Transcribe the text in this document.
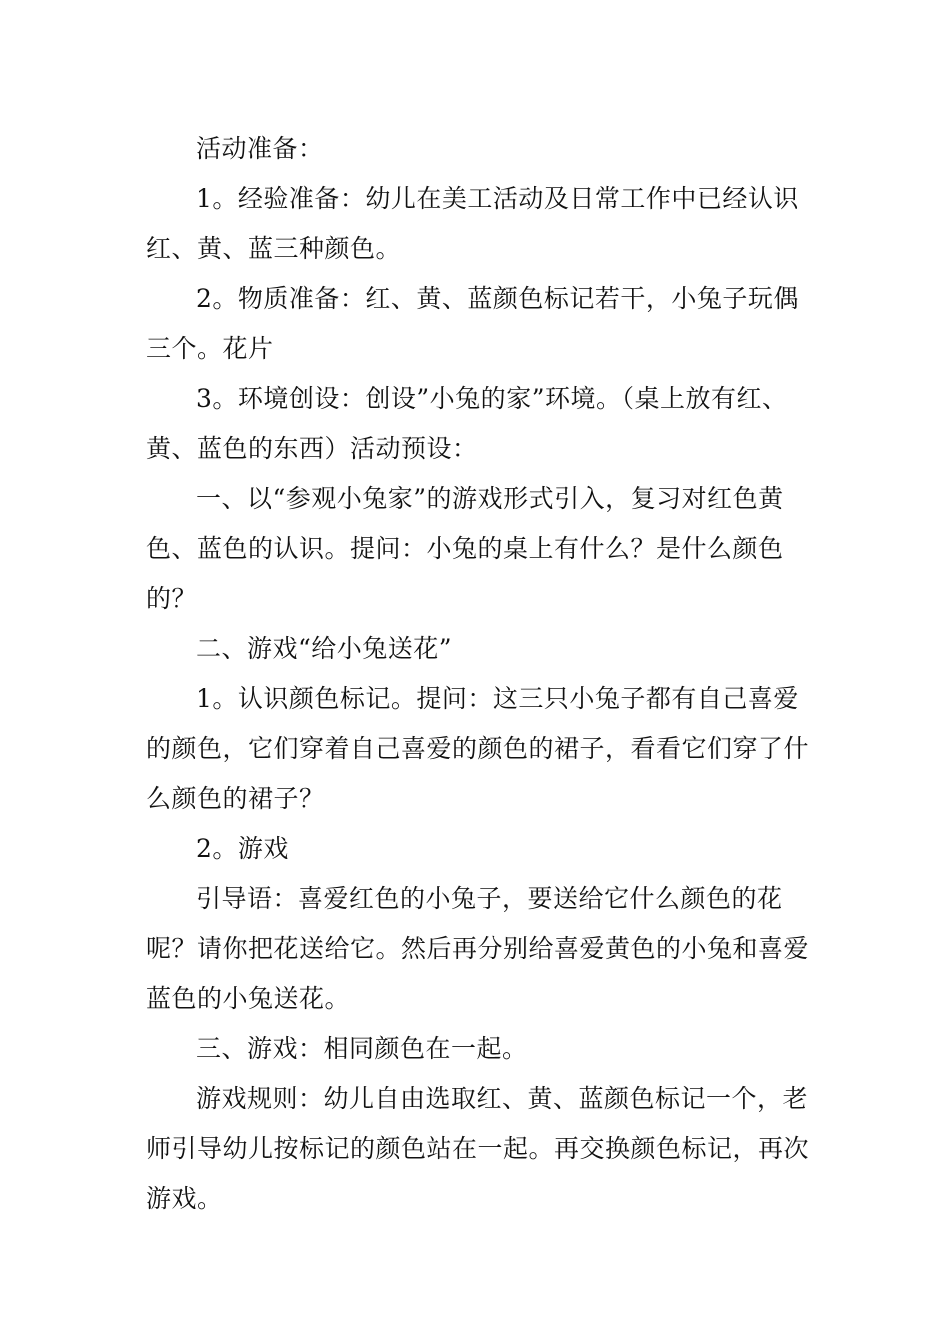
活动准备：

1。经验准备：幼儿在美工活动及日常工作中已经认识红、黄、蓝三种颜色。

2。物质准备：红、黄、蓝颜色标记若干，小兔子玩偶三个。花片

3。环境创设：创设”小兔的家”环境。（桌上放有红、黄、蓝色的东西）活动预设：

一、以“参观小兔家”的游戏形式引入，复习对红色黄色、蓝色的认识。提问：小兔的桌上有什么？是什么颜色的？

二、游戏“给小兔送花”

1。认识颜色标记。提问：这三只小兔子都有自己喜爱的颜色，它们穿着自己喜爱的颜色的裙子，看看它们穿了什么颜色的裙子？

2。游戏

引导语：喜爱红色的小兔子，要送给它什么颜色的花呢？请你把花送给它。然后再分别给喜爱黄色的小兔和喜爱蓝色的小兔送花。

三、游戏：相同颜色在一起。

游戏规则：幼儿自由选取红、黄、蓝颜色标记一个，老师引导幼儿按标记的颜色站在一起。再交换颜色标记，再次游戏。
